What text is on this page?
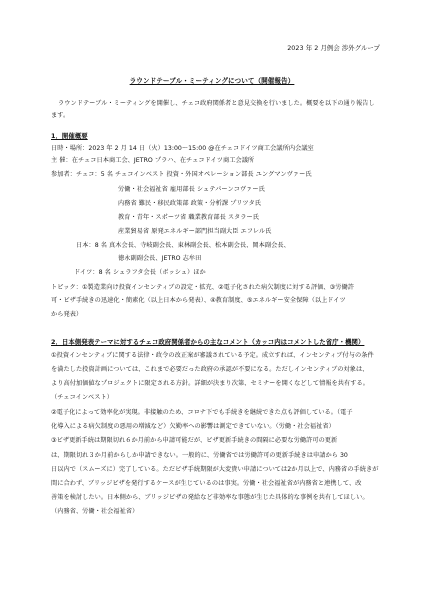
2023 年 2 月例会 渉外グループ
ラウンドテーブル・ミーティングについて（開催報告）
ラウンドテーブル・ミーティングを開催し、チェコ政府関係者と意見交換を行いました。概要を以下の通り報告し
ます。
1．開催概要
日時・場所：2023 年 2 月 14 日（火）13:00～15:00 @在チェコドイツ商工会議所内会議室
主 催：在チェコ日本商工会、JETRO プラハ、在チェコドイツ商工会議所
参加者：チェコ：5 名 チェコインベスト 投資・外国オペレーション部長 ユングマンヴァー氏
労働・社会福祉省 雇用部長 シュテパーンコヴァー氏
内務省 難民・移民政策部 政策・分析課 プリツタ氏
教育・青年・スポーツ省 職業教育部長 スタラー氏
産業貿易省 原発エネルギー部門担当副大臣 エフレル氏
日本：8 名 真木会長、寺岐副会長、東林副会長、松本副会長、岡本副会長、
徳永副副会長、JETRO 志牟田
ドイツ：8 名 シュラフタ会長（ボッシュ）ほか
トピック：①製造業向け投資インセンティブの設定・拡充、②電子化された病欠制度に対する評価、③労働許
可・ビザ手続きの迅速化・簡素化（以上日本から発表）、④教育制度、⑤エネルギー安全保障（以上ドイツ
から発表）
2．日本側発表テーマに対するチェコ政府関係者からの主なコメント（カッコ内はコメントした省庁・機関）
①投資インセンティブに関する法律・政令の改正案が審議されている予定。成立すれば、インセンティブ付与の条件
を満たした投資計画については、これまで必要だった政府の承認が不要になる。ただしインセンティブの対象は、
より高付加価値なプロジェクトに限定される方針。詳細が決まり次第、セミナーを開くなどして情報を共有する。
（チェコインベスト）
②電子化によって効率化が実現。非接触のため、コロナ下でも手続きを継続できた点も評価している。（電子
化導入による病欠制度の悪用の増減など）欠勤率への影響は測定できていない。（労働・社会福祉省）
③ビザ更新手続は期限切れ６か月前から申請可能だが、ビザ更新手続きの間隔に必要な労働許可の更新
は、期限切れ３か月前からしか申請できない。一般的に、労働省では労働許可の更新手続きは申請から 30
日以内で（スムーズに）完了している。ただビザ手続期限が大変貴い申請については2か月以上で、内務省の手続きが
間に合わず、ブリッジビザを発行するケースが生じているのは事実。労働・社会福祉省が内務省と連携して、改
善策を検討したい。日本側から、ブリッジビザの発給など非効率な事態が生じた具体的な事例を共有してほしい。
（内務省、労働・社会福祉省）
